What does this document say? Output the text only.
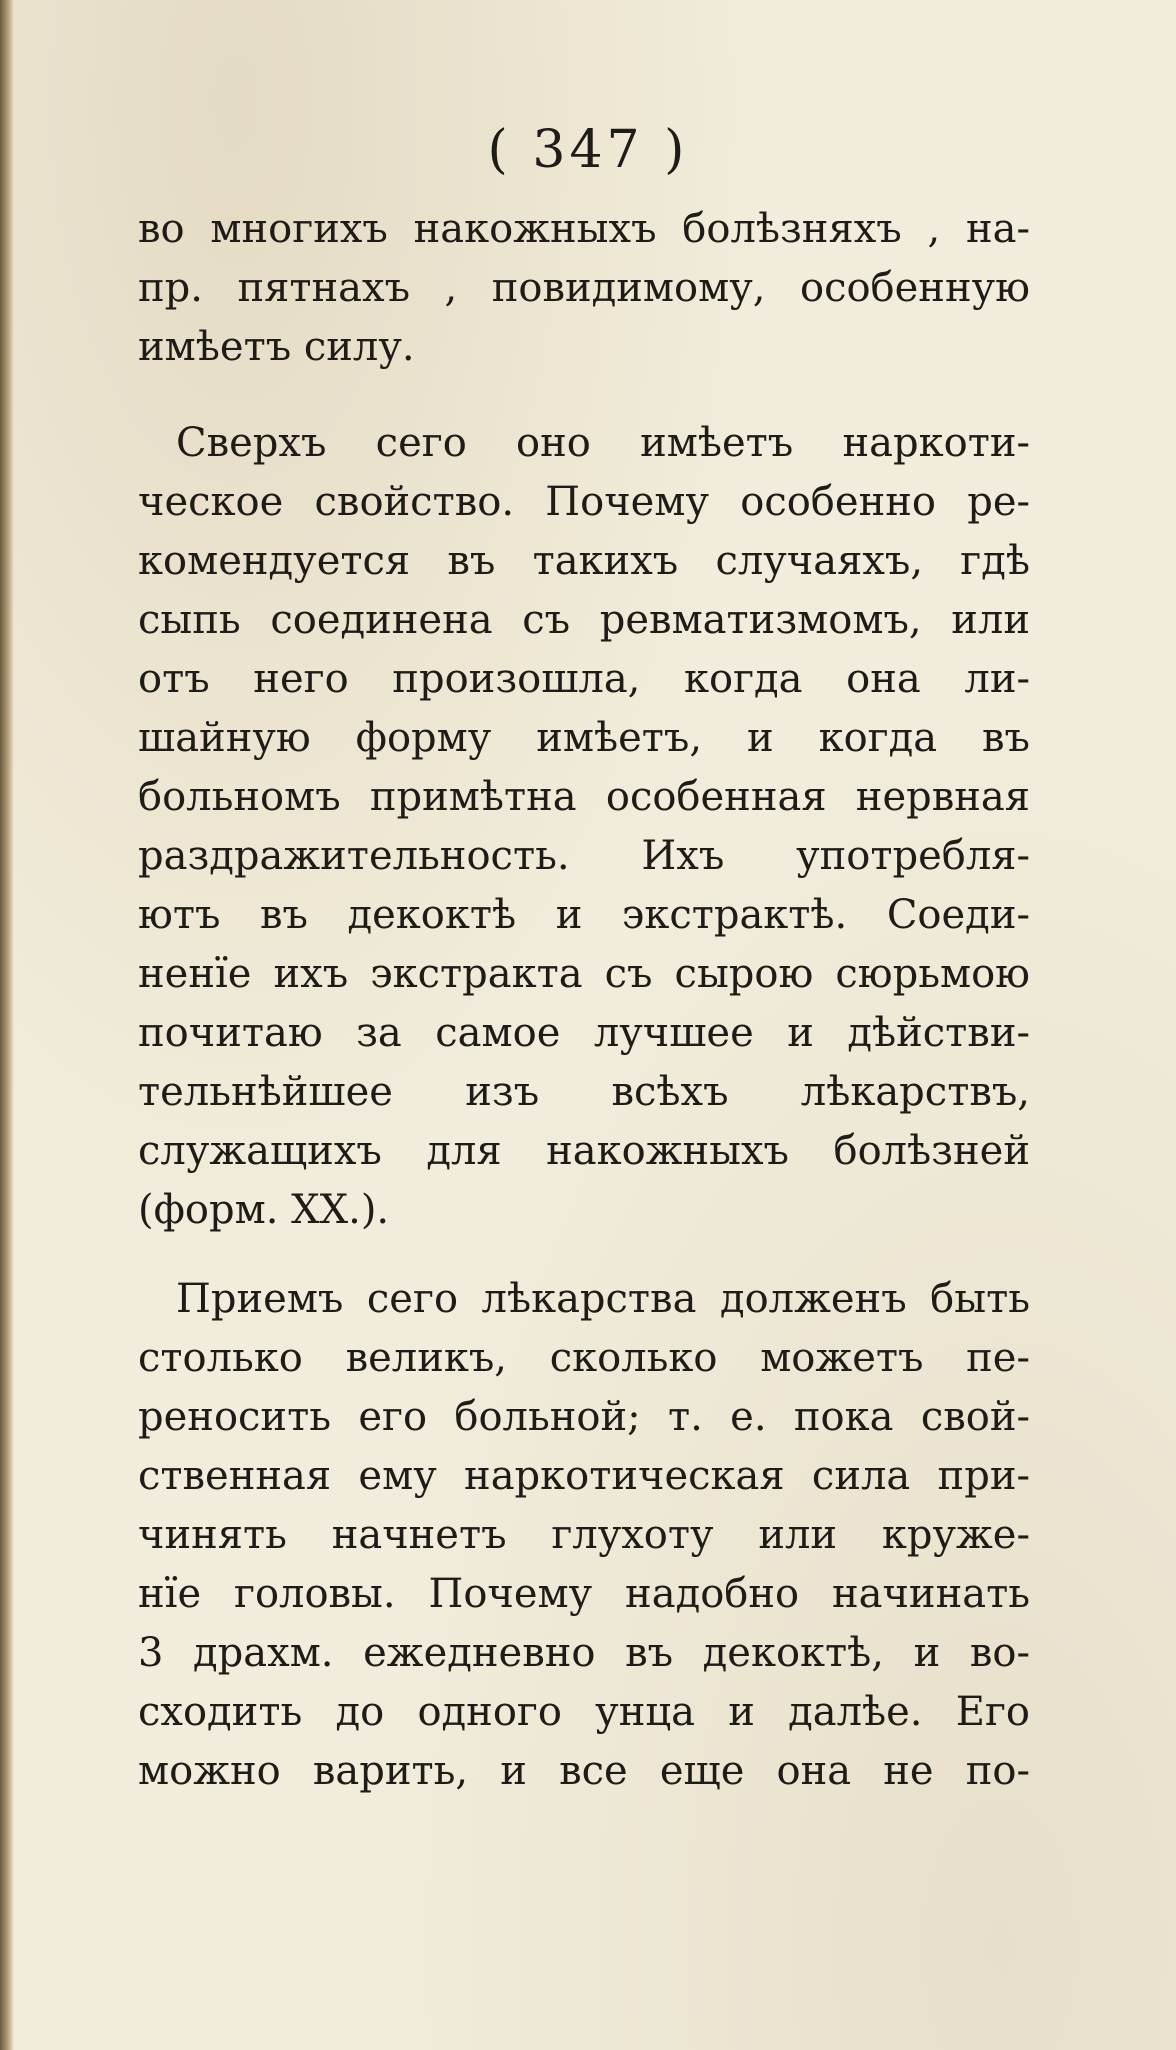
( 347 )
во многихъ накожныхъ болѣзняхъ , на-
пр. пятнахъ , повидимому, особенную
имѣетъ силу.
Сверхъ сего оно имѣетъ наркоти-
ческое свойство. Почему особенно ре-
комендуется въ такихъ случаяхъ, гдѣ
сыпь соединена съ ревматизмомъ, или
отъ него произошла, когда она ли-
шайную форму имѣетъ, и когда въ
больномъ примѣтна особенная нервная
раздражительность. Ихъ употребля-
ютъ въ декоктѣ и экстрактѣ. Соеди-
ненїе ихъ экстракта съ сырою сюрьмою
почитаю за самое лучшее и дѣйстви-
тельнѣйшее изъ всѣхъ лѣкарствъ,
служащихъ для накожныхъ болѣзней
(форм. XX.).
Приемъ сего лѣкарства долженъ быть
столько великъ, сколько можетъ пе-
реносить его больной; т. е. пока свой-
ственная ему наркотическая сила при-
чинять начнетъ глухоту или круже-
нїе головы. Почему надобно начинать
3 драхм. ежедневно въ декоктѣ, и во-
сходить до одного унца и далѣе. Его
можно варить, и все еще она не по-
